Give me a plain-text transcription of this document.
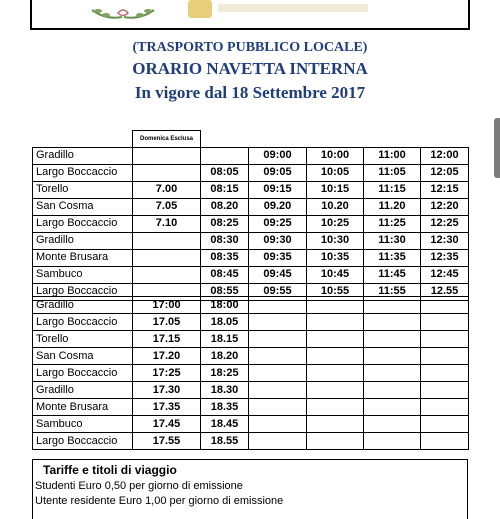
(TRASPORTO PUBBLICO LOCALE)
ORARIO NAVETTA INTERNA
In vigore dal 18 Settembre 2017
	Domenica Esclusa					
Gradillo			09:00	10:00	11:00	12:00
Largo Boccaccio		08:05	09:05	10:05	11:05	12:05
Torello	7.00	08:15	09:15	10:15	11:15	12:15
San Cosma	7.05	08.20	09.20	10.20	11.20	12:20
Largo Boccaccio	7.10	08:25	09:25	10:25	11:25	12:25
Gradillo		08:30	09:30	10:30	11:30	12:30
Monte Brusara		08:35	09:35	10:35	11:35	12:35
Sambuco		08:45	09:45	10:45	11:45	12:45
Largo Boccaccio		08:55	09:55	10:55	11:55	12.55
Gradillo	17:00	18:00				
Largo Boccaccio	17.05	18.05				
Torello	17.15	18.15				
San Cosma	17.20	18.20				
Largo Boccaccio	17:25	18:25				
Gradillo	17.30	18.30				
Monte Brusara	17.35	18.35				
Sambuco	17.45	18.45				
Largo Boccaccio	17.55	18.55				
Tariffe e titoli di viaggio
Studenti Euro 0,50 per giorno di emissione
Utente residente Euro 1,00 per giorno di emissione
